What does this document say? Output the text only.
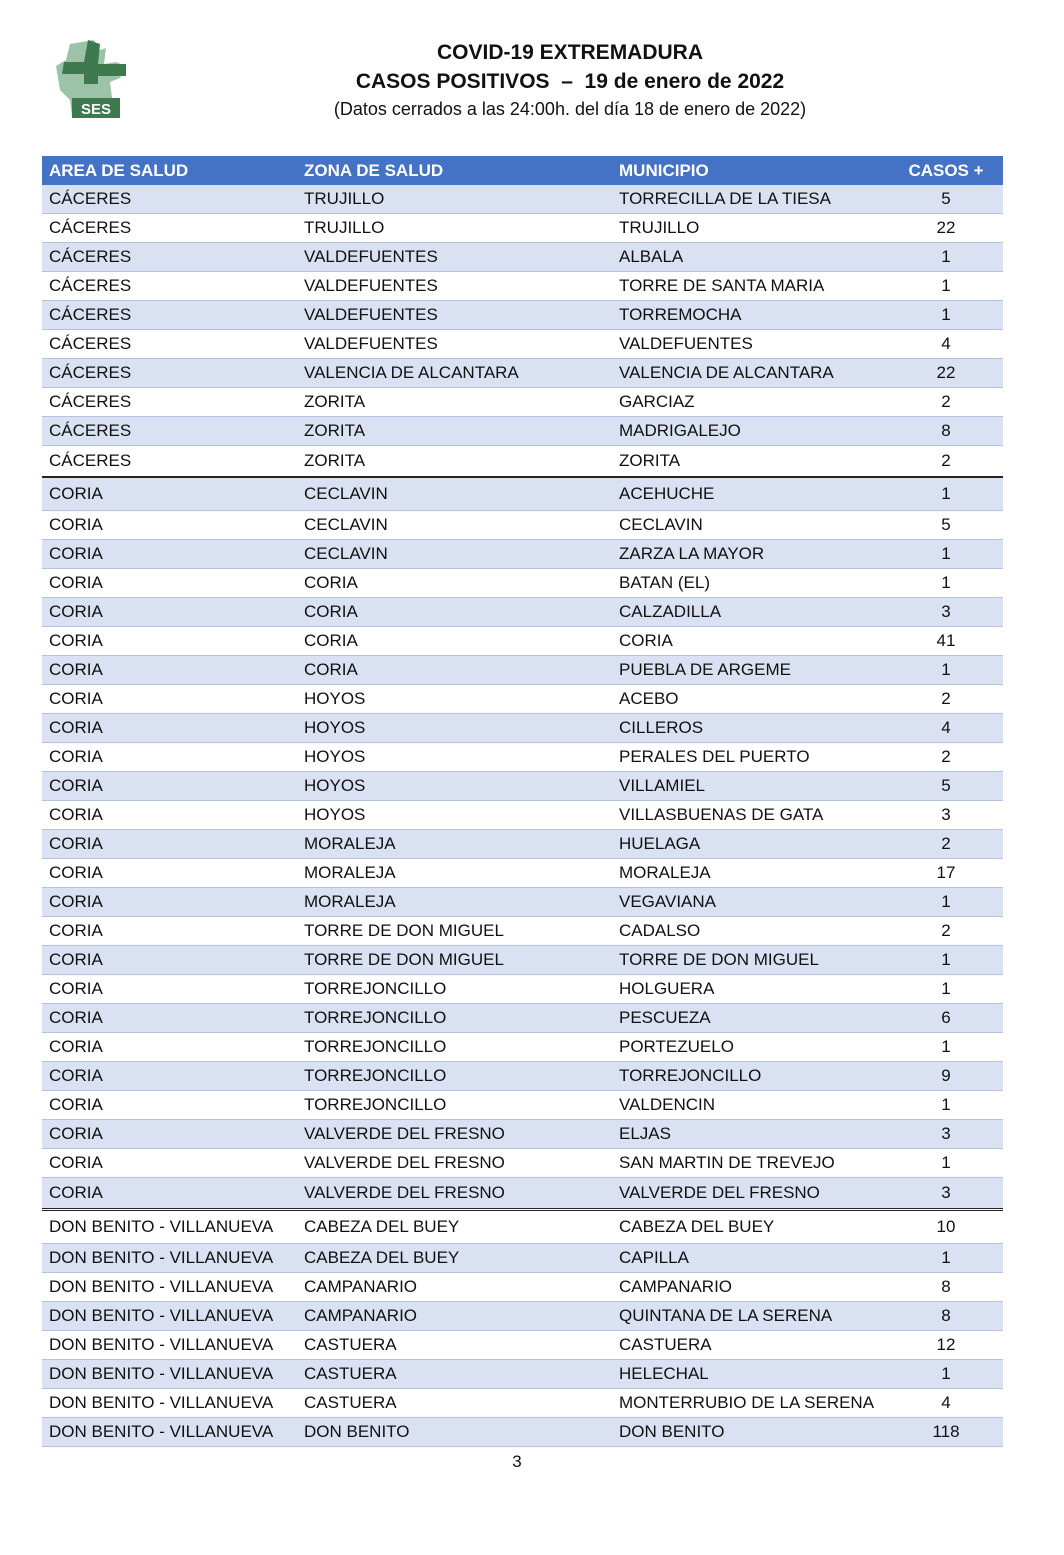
SES
COVID-19 EXTREMADURA
CASOS POSITIVOS  –  19 de enero de 2022
(Datos cerrados a las 24:00h. del día 18 de enero de 2022)
AREA DE SALUD	ZONA DE SALUD	MUNICIPIO	CASOS +
CÁCERES	TRUJILLO	TORRECILLA DE LA TIESA	5
CÁCERES	TRUJILLO	TRUJILLO	22
CÁCERES	VALDEFUENTES	ALBALA	1
CÁCERES	VALDEFUENTES	TORRE DE SANTA MARIA	1
CÁCERES	VALDEFUENTES	TORREMOCHA	1
CÁCERES	VALDEFUENTES	VALDEFUENTES	4
CÁCERES	VALENCIA DE ALCANTARA	VALENCIA DE ALCANTARA	22
CÁCERES	ZORITA	GARCIAZ	2
CÁCERES	ZORITA	MADRIGALEJO	8
CÁCERES	ZORITA	ZORITA	2
CORIA	CECLAVIN	ACEHUCHE	1
CORIA	CECLAVIN	CECLAVIN	5
CORIA	CECLAVIN	ZARZA LA MAYOR	1
CORIA	CORIA	BATAN (EL)	1
CORIA	CORIA	CALZADILLA	3
CORIA	CORIA	CORIA	41
CORIA	CORIA	PUEBLA DE ARGEME	1
CORIA	HOYOS	ACEBO	2
CORIA	HOYOS	CILLEROS	4
CORIA	HOYOS	PERALES DEL PUERTO	2
CORIA	HOYOS	VILLAMIEL	5
CORIA	HOYOS	VILLASBUENAS DE GATA	3
CORIA	MORALEJA	HUELAGA	2
CORIA	MORALEJA	MORALEJA	17
CORIA	MORALEJA	VEGAVIANA	1
CORIA	TORRE DE DON MIGUEL	CADALSO	2
CORIA	TORRE DE DON MIGUEL	TORRE DE DON MIGUEL	1
CORIA	TORREJONCILLO	HOLGUERA	1
CORIA	TORREJONCILLO	PESCUEZA	6
CORIA	TORREJONCILLO	PORTEZUELO	1
CORIA	TORREJONCILLO	TORREJONCILLO	9
CORIA	TORREJONCILLO	VALDENCIN	1
CORIA	VALVERDE DEL FRESNO	ELJAS	3
CORIA	VALVERDE DEL FRESNO	SAN MARTIN DE TREVEJO	1
CORIA	VALVERDE DEL FRESNO	VALVERDE DEL FRESNO	3
DON BENITO - VILLANUEVA	CABEZA DEL BUEY	CABEZA DEL BUEY	10
DON BENITO - VILLANUEVA	CABEZA DEL BUEY	CAPILLA	1
DON BENITO - VILLANUEVA	CAMPANARIO	CAMPANARIO	8
DON BENITO - VILLANUEVA	CAMPANARIO	QUINTANA DE LA SERENA	8
DON BENITO - VILLANUEVA	CASTUERA	CASTUERA	12
DON BENITO - VILLANUEVA	CASTUERA	HELECHAL	1
DON BENITO - VILLANUEVA	CASTUERA	MONTERRUBIO DE LA SERENA	4
DON BENITO - VILLANUEVA	DON BENITO	DON BENITO	118
3
